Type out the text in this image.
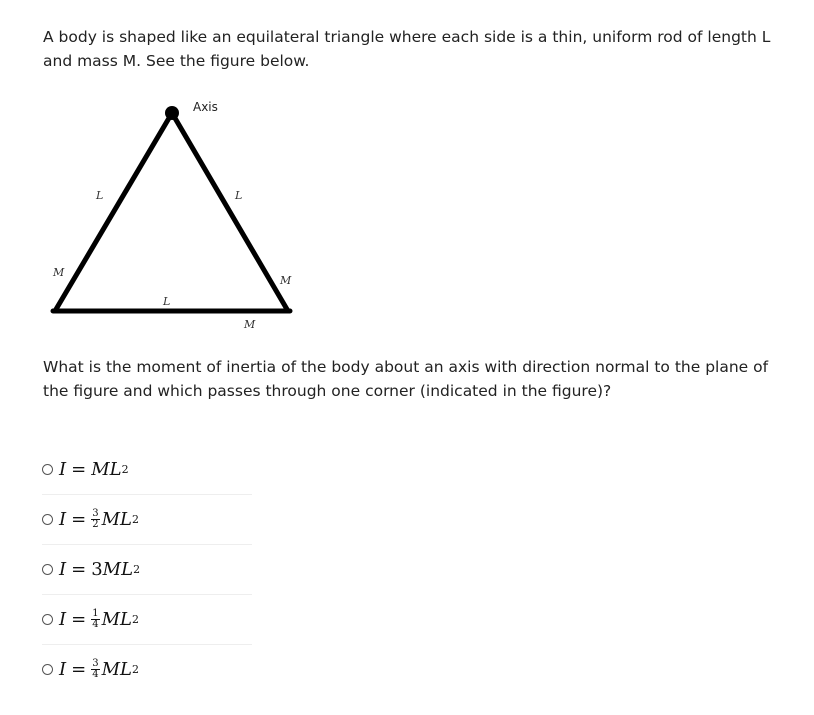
A body is shaped like an equilateral triangle where each side is a thin, uniform rod of length L and mass M. See the figure below.

Axis
L	L
L
M
M
M

What is the moment of inertia of the body about an axis with direction normal to the plane of the figure and which passes through one corner (indicated in the figure)?

I = ML 2
$I = \frac{3}{2}$ ML 2
I = 3 ML 2
$I = \frac{1}{4}$ ML 2
$I = \frac{3}{4}$ ML 2
